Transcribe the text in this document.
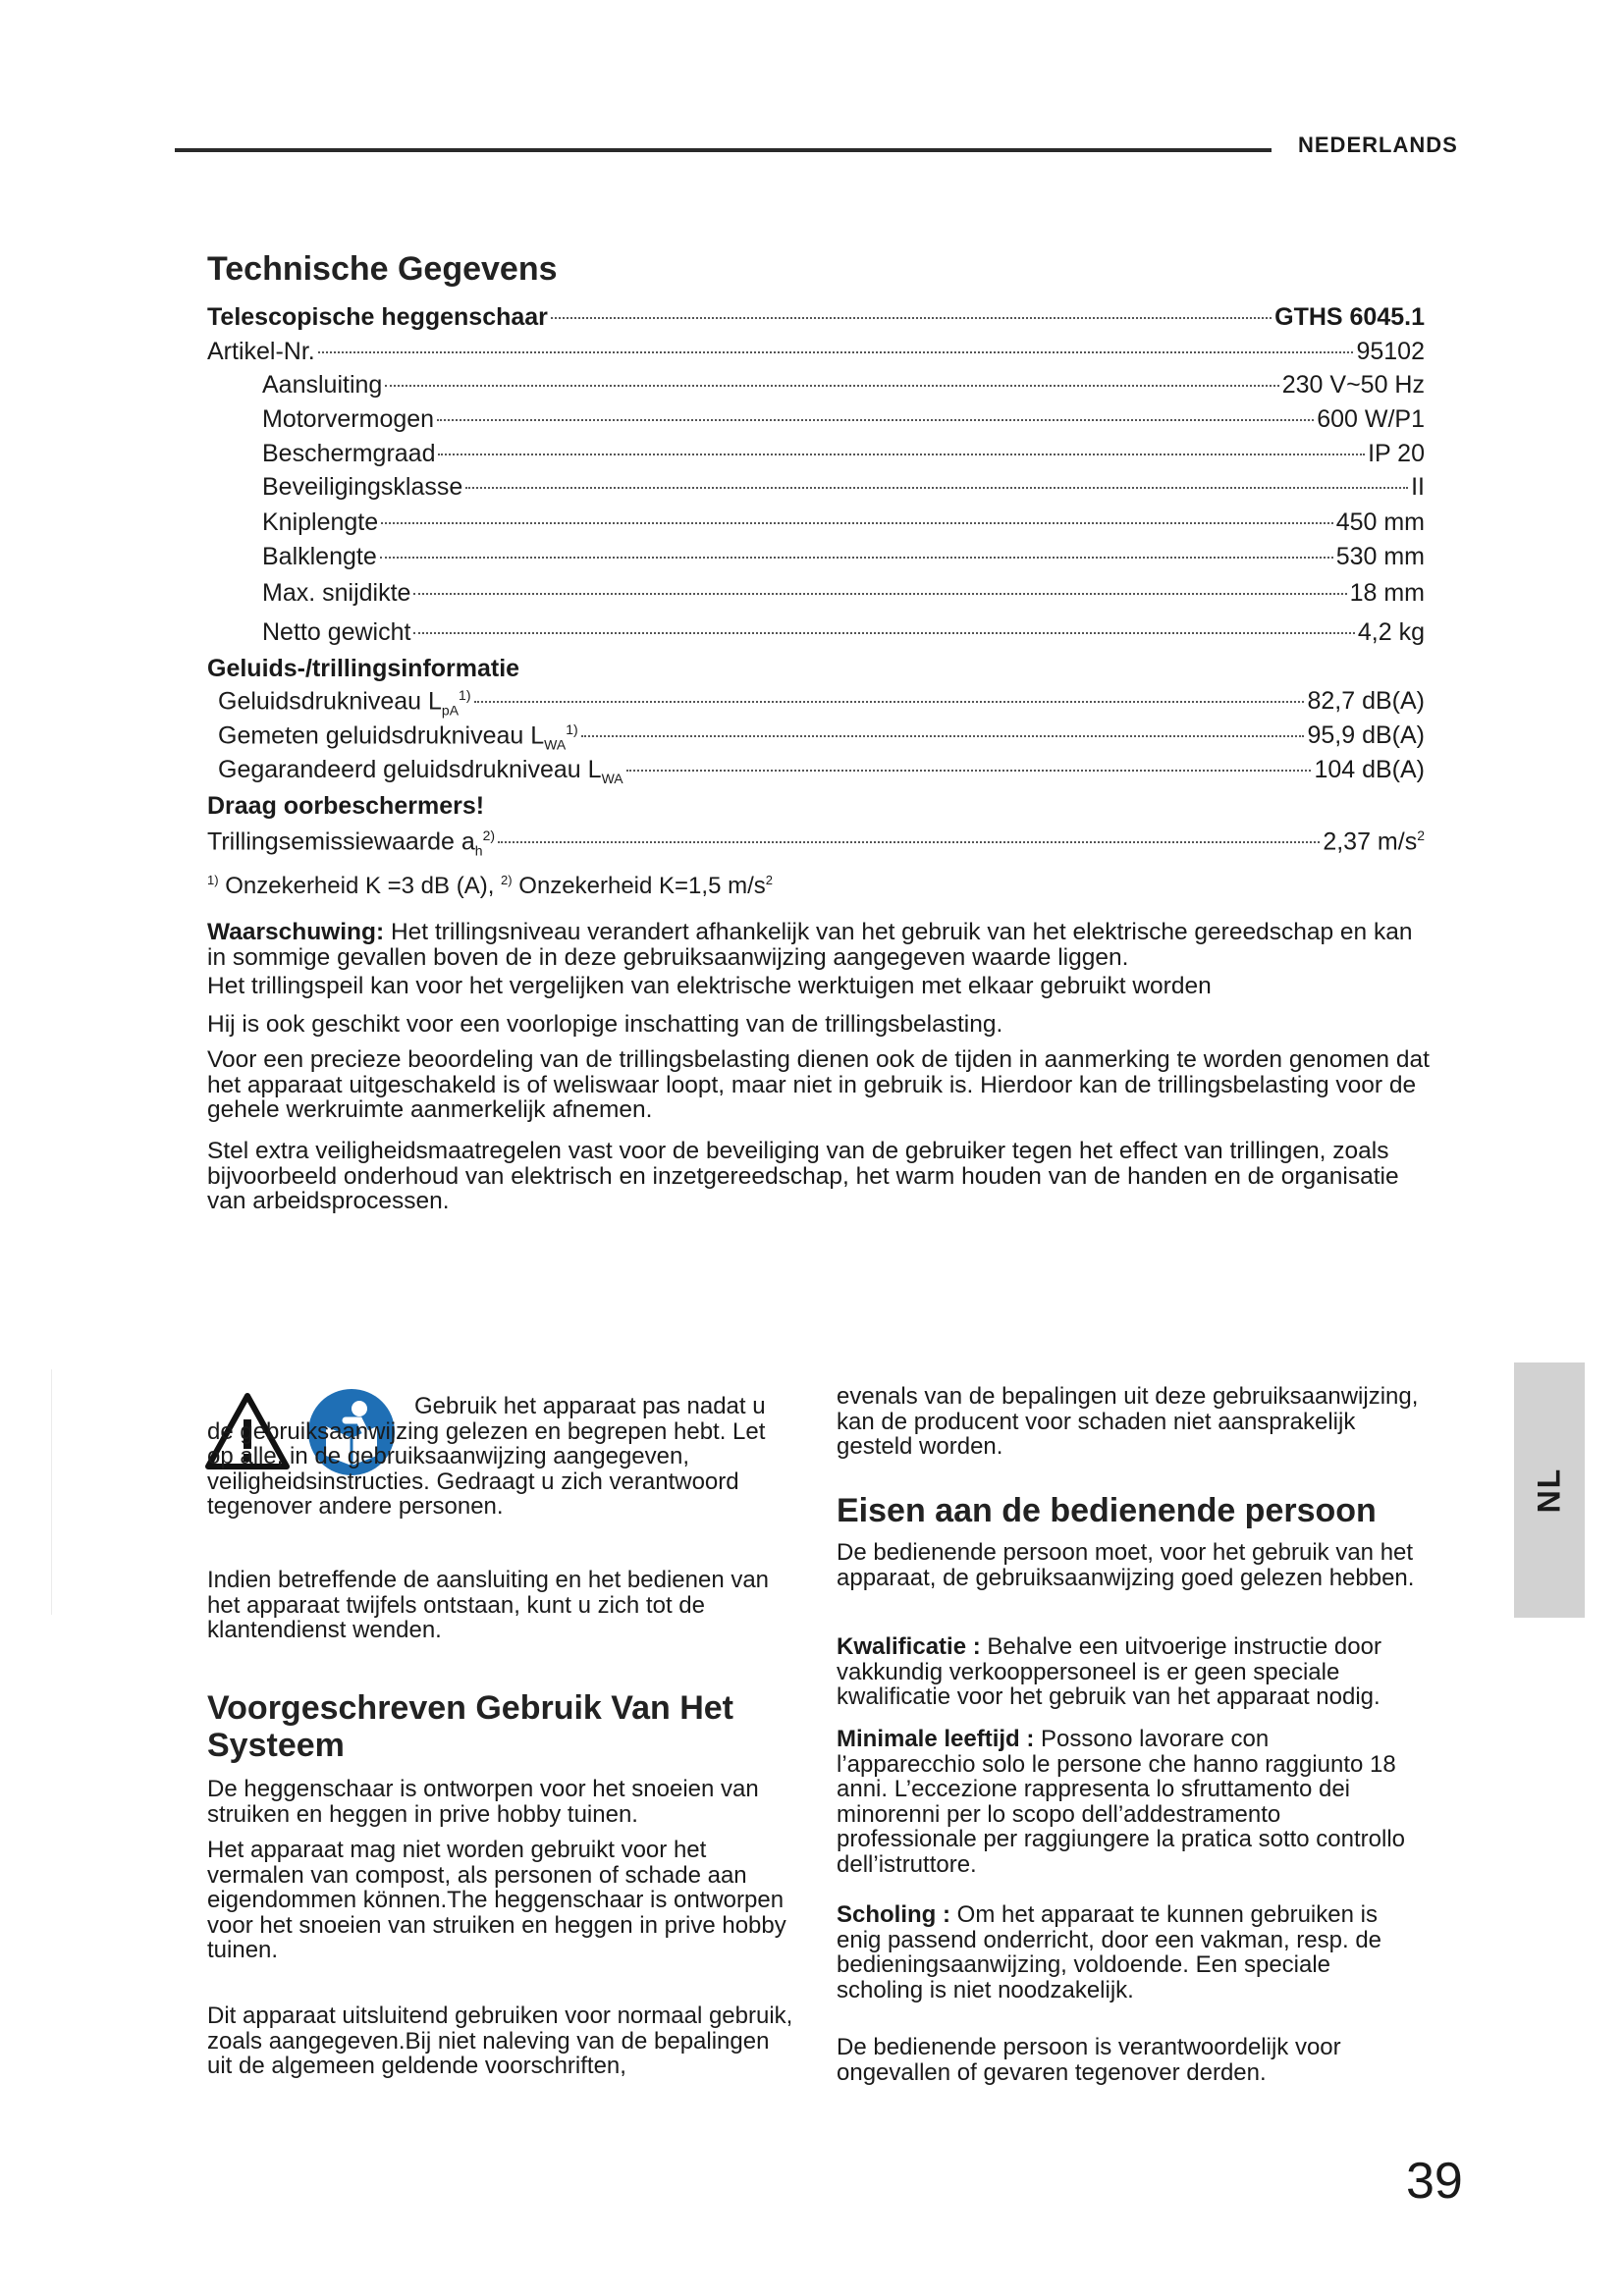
NEDERLANDS
Technische Gegevens
Telescopische heggenschaar	GTHS 6045.1
Artikel-Nr.	95102
Aansluiting	230 V~50 Hz
Motorvermogen	600 W/P1
Beschermgraad	IP 20
Beveiligingsklasse	II
Kniplengte	450 mm
Balklengte	530 mm
Max. snijdikte	18 mm
Netto gewicht	4,2 kg
Geluids-/trillingsinformatie
Geluidsdrukniveau $L_{pA}^{1)}$	82,7 dB(A)
Gemeten geluidsdrukniveau $L_{WA}^{1)}$	95,9 dB(A)
Gegarandeerd geluidsdrukniveau $L_{WA}$	104 dB(A)
Draag oorbeschermers!
Trillingsemissiewaarde $a_h^{2)}$	2,37 $m/s^2$
$^{1)}$ Onzekerheid K =3 dB (A), $^{2)}$ Onzekerheid K=1,5 $m/s^2$

Waarschuwing: Het trillingsniveau verandert afhankelijk van het gebruik van het elektrische gereedschap en kan in sommige gevallen boven de in deze gebruiksaanwijzing aangegeven waarde liggen.

Het trillingspeil kan voor het vergelijken van elektrische werktuigen met elkaar gebruikt worden

Hij is ook geschikt voor een voorlopige inschatting van de trillingsbelasting.

Voor een precieze beoordeling van de trillingsbelasting dienen ook de tijden in aanmerking te worden genomen dat het apparaat uitgeschakeld is of weliswaar loopt, maar niet in gebruik is. Hierdoor kan de trillingsbelasting voor de gehele werkruimte aanmerkelijk afnemen.

Stel extra veiligheidsmaatregelen vast voor de beveiliging van de gebruiker tegen het effect van trillingen, zoals bijvoorbeeld onderhoud van elektrisch en inzetgereedschap, het warm houden van de handen en de organisatie van arbeidsprocessen.

Gebruik het apparaat pas nadat u de gebruiksaanwijzing gelezen en begrepen hebt. Let op alle, in de gebruiksaanwijzing aangegeven, veiligheidsinstructies. Gedraagt u zich verantwoord tegenover andere personen.

Indien betreffende de aansluiting en het bedienen van het apparaat twijfels ontstaan, kunt u zich tot de klantendienst wenden.

Voorgeschreven Gebruik Van Het Systeem

De heggenschaar is ontworpen voor het snoeien van struiken en heggen in prive hobby tuinen.

Het apparaat mag niet worden gebruikt voor het vermalen van compost, als personen of schade aan eigendommen können.The heggenschaar is ontworpen voor het snoeien van struiken en heggen in prive hobby tuinen.

Dit apparaat uitsluitend gebruiken voor normaal gebruik, zoals aangegeven.Bij niet naleving van de bepalingen uit de algemeen geldende voorschriften,

evenals van de bepalingen uit deze gebruiksaanwijzing, kan de producent voor schaden niet aansprakelijk gesteld worden.

Eisen aan de bedienende persoon

De bedienende persoon moet, voor het gebruik van het apparaat, de gebruiksaanwijzing goed gelezen hebben.

Kwalificatie : Behalve een uitvoerige instructie door vakkundig verkooppersoneel is er geen speciale kwalificatie voor het gebruik van het apparaat nodig.

Minimale leeftijd : Possono lavorare con l’apparecchio solo le persone che hanno raggiunto 18 anni. L’eccezione rappresenta lo sfruttamento dei minorenni per lo scopo dell’addestramento professionale per raggiungere la pratica sotto controllo dell’istruttore.

Scholing : Om het apparaat te kunnen gebruiken is enig passend onderricht, door een vakman, resp. de bedieningsaanwijzing, voldoende. Een speciale scholing is niet noodzakelijk.

De bedienende persoon is verantwoordelijk voor ongevallen of gevaren tegenover derden.

NL
39
